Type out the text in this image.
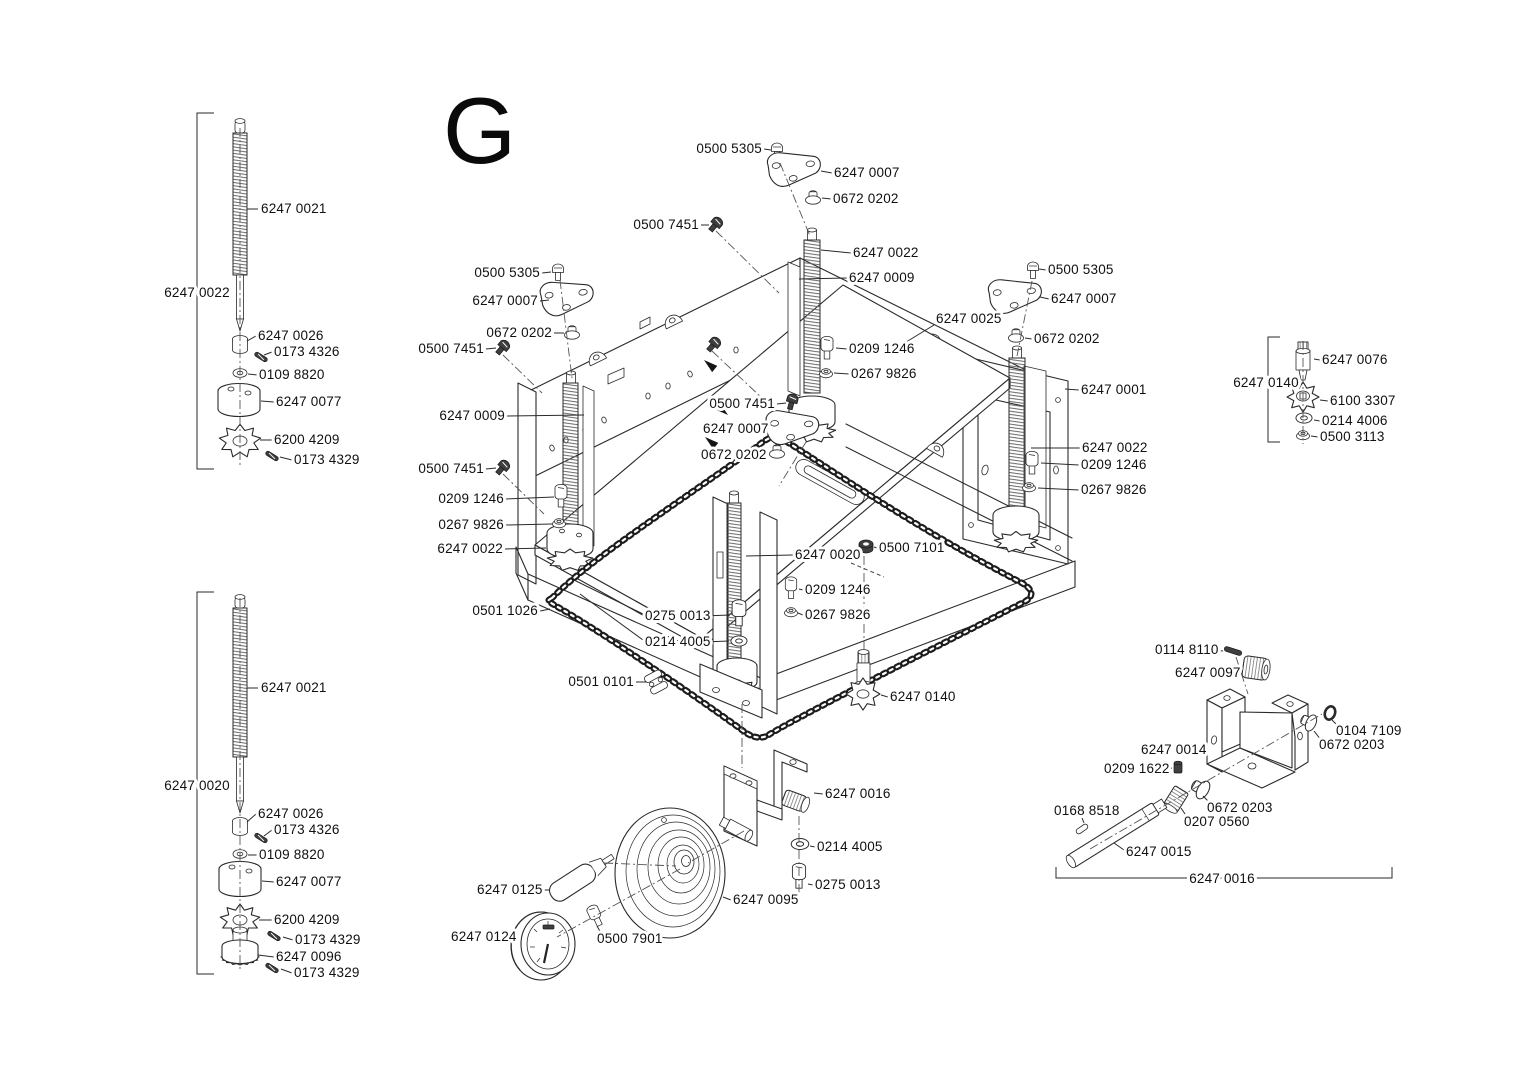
G
6247 0021
6247 0026
0173 4326
0109 8820
6247 0077
6200 4209
0173 4329
6247 0021
6247 0026
0173 4326
0109 8820
6247 0077
6200 4209
0173 4329
6247 0096
0173 4329
0500 5305
6247 0007
0672 0202
0500 7451
6247 0022
6247 0009
6247 0025
0209 1246
0267 9826
0500 5305
6247 0007
0672 0202
0500 7451
6247 0009
0500 7451
0209 1246
0267 9826
6247 0022
0500 7451
6247 0007
0672 0202
0500 7101
6247 0020
0209 1246
0267 9826
0275 0013
0214 4005
0501 1026
0501 0101
6247 0140
6247 0016
0500 5305
6247 0007
0672 0202
6247 0001
6247 0022
0209 1246
0267 9826
6247 0076
6100 3307
0214 4006
0500 3113
0214 4005
0275 0013
6247 0095
6247 0125
6247 0124	0500 7901
0114 8110
6247 0097
0104 7109
0672 0203
6247 0014
0209 1622
0672 0203
0207 0560
0168 8518
6247 0015
6247 0022
6247 0020
6247 0140
6247 0016
